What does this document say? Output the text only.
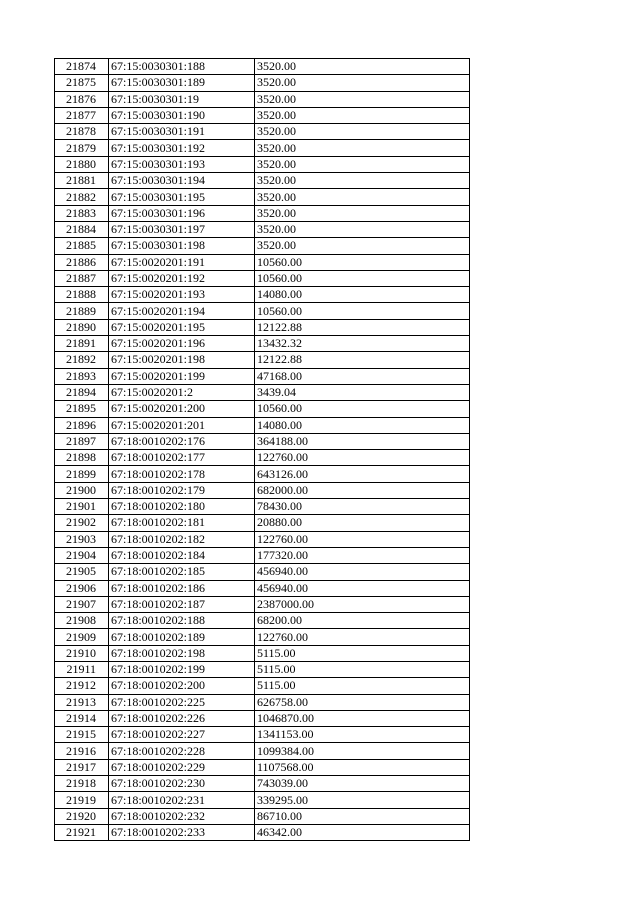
21874	67:15:0030301:188	3520.00
21875	67:15:0030301:189	3520.00
21876	67:15:0030301:19	3520.00
21877	67:15:0030301:190	3520.00
21878	67:15:0030301:191	3520.00
21879	67:15:0030301:192	3520.00
21880	67:15:0030301:193	3520.00
21881	67:15:0030301:194	3520.00
21882	67:15:0030301:195	3520.00
21883	67:15:0030301:196	3520.00
21884	67:15:0030301:197	3520.00
21885	67:15:0030301:198	3520.00
21886	67:15:0020201:191	10560.00
21887	67:15:0020201:192	10560.00
21888	67:15:0020201:193	14080.00
21889	67:15:0020201:194	10560.00
21890	67:15:0020201:195	12122.88
21891	67:15:0020201:196	13432.32
21892	67:15:0020201:198	12122.88
21893	67:15:0020201:199	47168.00
21894	67:15:0020201:2	3439.04
21895	67:15:0020201:200	10560.00
21896	67:15:0020201:201	14080.00
21897	67:18:0010202:176	364188.00
21898	67:18:0010202:177	122760.00
21899	67:18:0010202:178	643126.00
21900	67:18:0010202:179	682000.00
21901	67:18:0010202:180	78430.00
21902	67:18:0010202:181	20880.00
21903	67:18:0010202:182	122760.00
21904	67:18:0010202:184	177320.00
21905	67:18:0010202:185	456940.00
21906	67:18:0010202:186	456940.00
21907	67:18:0010202:187	2387000.00
21908	67:18:0010202:188	68200.00
21909	67:18:0010202:189	122760.00
21910	67:18:0010202:198	5115.00
21911	67:18:0010202:199	5115.00
21912	67:18:0010202:200	5115.00
21913	67:18:0010202:225	626758.00
21914	67:18:0010202:226	1046870.00
21915	67:18:0010202:227	1341153.00
21916	67:18:0010202:228	1099384.00
21917	67:18:0010202:229	1107568.00
21918	67:18:0010202:230	743039.00
21919	67:18:0010202:231	339295.00
21920	67:18:0010202:232	86710.00
21921	67:18:0010202:233	46342.00
